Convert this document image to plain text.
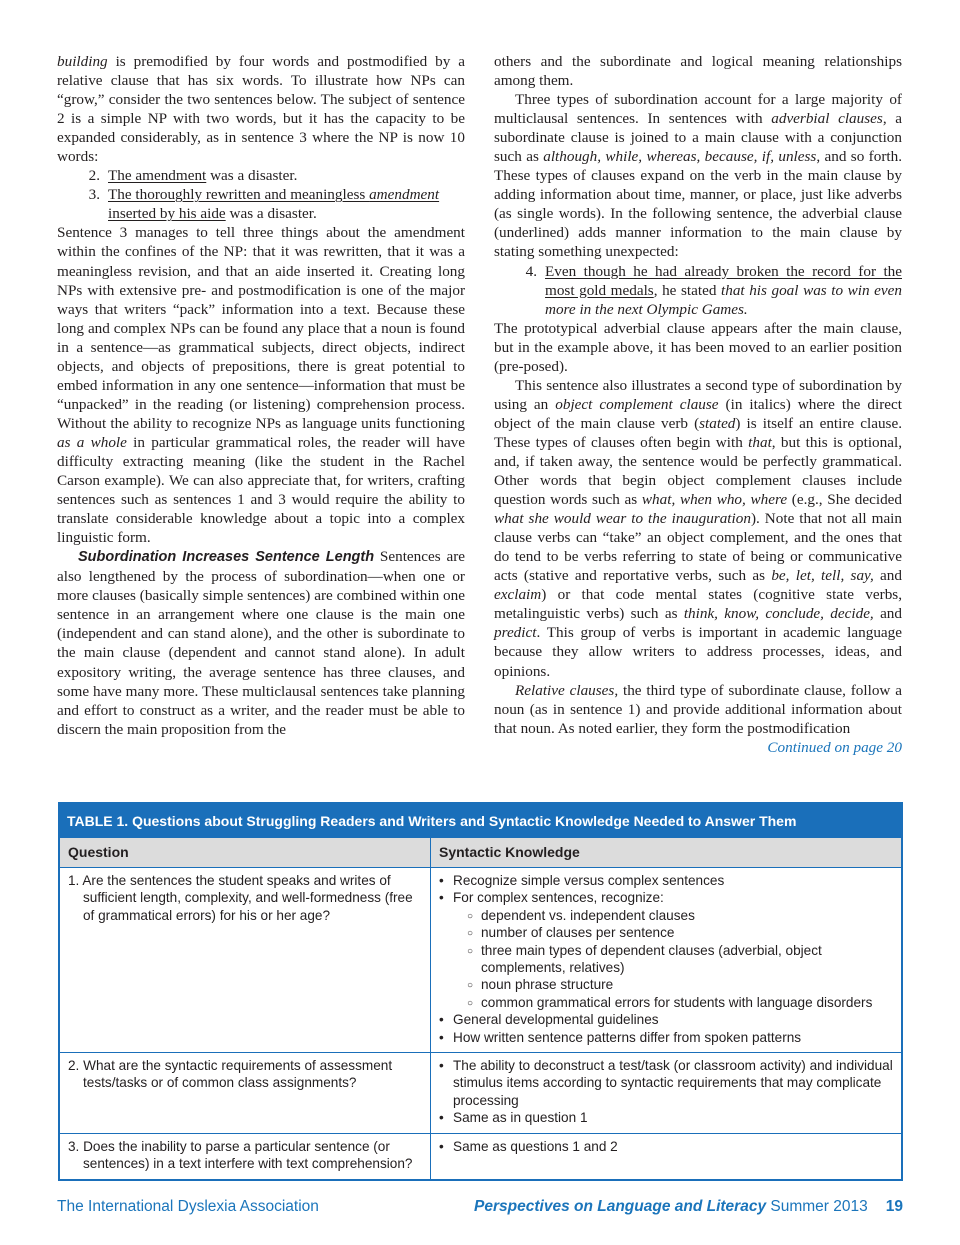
building is premodified by four words and postmodified by a relative clause that has six words. To illustrate how NPs can “grow,” consider the two sentences below. The subject of sentence 2 is a simple NP with two words, but it has the capacity to be expanded considerably, as in sentence 3 where the NP is now 10 words:

2. The amendment was a disaster.
3. The thoroughly rewritten and meaningless amendment
inserted by his aide was a disaster.

Sentence 3 manages to tell three things about the amendment within the confines of the NP: that it was rewritten, that it was a meaningless revision, and that an aide inserted it. Creating long NPs with extensive pre- and postmodification is one of the major ways that writers “pack” information into a text. Because these long and complex NPs can be found any place that a noun is found in a sentence—as grammatical subjects, direct objects, indirect objects, and objects of prepositions, there is great potential to embed information in any one sentence—information that must be “unpacked” in the reading (or listening) comprehension process. Without the ability to recognize NPs as language units functioning as a whole in particular grammatical roles, the reader will have difficulty extracting meaning (like the student in the Rachel Carson example). We can also appreciate that, for writers, crafting sentences such as sentences 1 and 3 would require the ability to translate considerable knowledge about a topic into a complex linguistic form.

Subordination Increases Sentence Length Sentences are also lengthened by the process of subordination—when one or more clauses (basically simple sentences) are combined within one sentence in an arrangement where one clause is the main one (independent and can stand alone), and the other is subordinate to the main clause (dependent and cannot stand alone). In adult expository writing, the average sentence has three clauses, and some have many more. These multiclausal sentences take planning and effort to construct as a writer, and the reader must be able to discern the main proposition from the

others and the subordinate and logical meaning relationships among them.

Three types of subordination account for a large majority of multiclausal sentences. In sentences with adverbial clauses, a subordinate clause is joined to a main clause with a conjunction such as although, while, whereas, because, if, unless, and so forth. These types of clauses expand on the verb in the main clause by adding information about time, manner, or place, just like adverbs (as single words). In the following sentence, the adverbial clause (underlined) adds manner information to the main clause by stating something unexpected:

4. Even though he had already broken the record for the most gold medals, he stated that his goal was to win even more in the next Olympic Games.

The prototypical adverbial clause appears after the main clause, but in the example above, it has been moved to an earlier position (pre-posed).

This sentence also illustrates a second type of subordination by using an object complement clause (in italics) where the direct object of the main clause verb (stated) is itself an entire clause. These types of clauses often begin with that, but this is optional, and, if taken away, the sentence would be perfectly grammatical. Other words that begin object complement clauses include question words such as what, when who, where (e.g., She decided what she would wear to the inauguration). Note that not all main clause verbs can “take” an object complement, and the ones that do tend to be verbs referring to state of being or communicative acts (stative and reportative verbs, such as be, let, tell, say, and exclaim) or that code mental states (cognitive state verbs, metalinguistic verbs) such as think, know, conclude, decide, and predict. This group of verbs is important in academic language because they allow writers to address processes, ideas, and opinions.

Relative clauses, the third type of subordinate clause, follow a noun (as in sentence 1) and provide additional information about that noun. As noted earlier, they form the postmodification

Continued on page 20

TABLE 1. Questions about Struggling Readers and Writers and Syntactic Knowledge Needed to Answer Them
Question	Syntactic Knowledge
1. Are the sentences the student speaks and writes of sufficient length, complexity, and well-formedness (free of grammatical errors) for his or her age?
• Recognize simple versus complex sentences
• For complex sentences, recognize:
○ dependent vs. independent clauses
○ number of clauses per sentence
○ three main types of dependent clauses (adverbial, object complements, relatives)
○ noun phrase structure
○ common grammatical errors for students with language disorders
• General developmental guidelines
• How written sentence patterns differ from spoken patterns
2. What are the syntactic requirements of assessment tests/tasks or of common class assignments?
• The ability to deconstruct a test/task (or classroom activity) and individual stimulus items according to syntactic requirements that may complicate processing
• Same as in question 1
3. Does the inability to parse a particular sentence (or sentences) in a text interfere with text comprehension?
• Same as questions 1 and 2
The International Dyslexia Association	Perspectives on Language and Literacy Summer 2013 19
